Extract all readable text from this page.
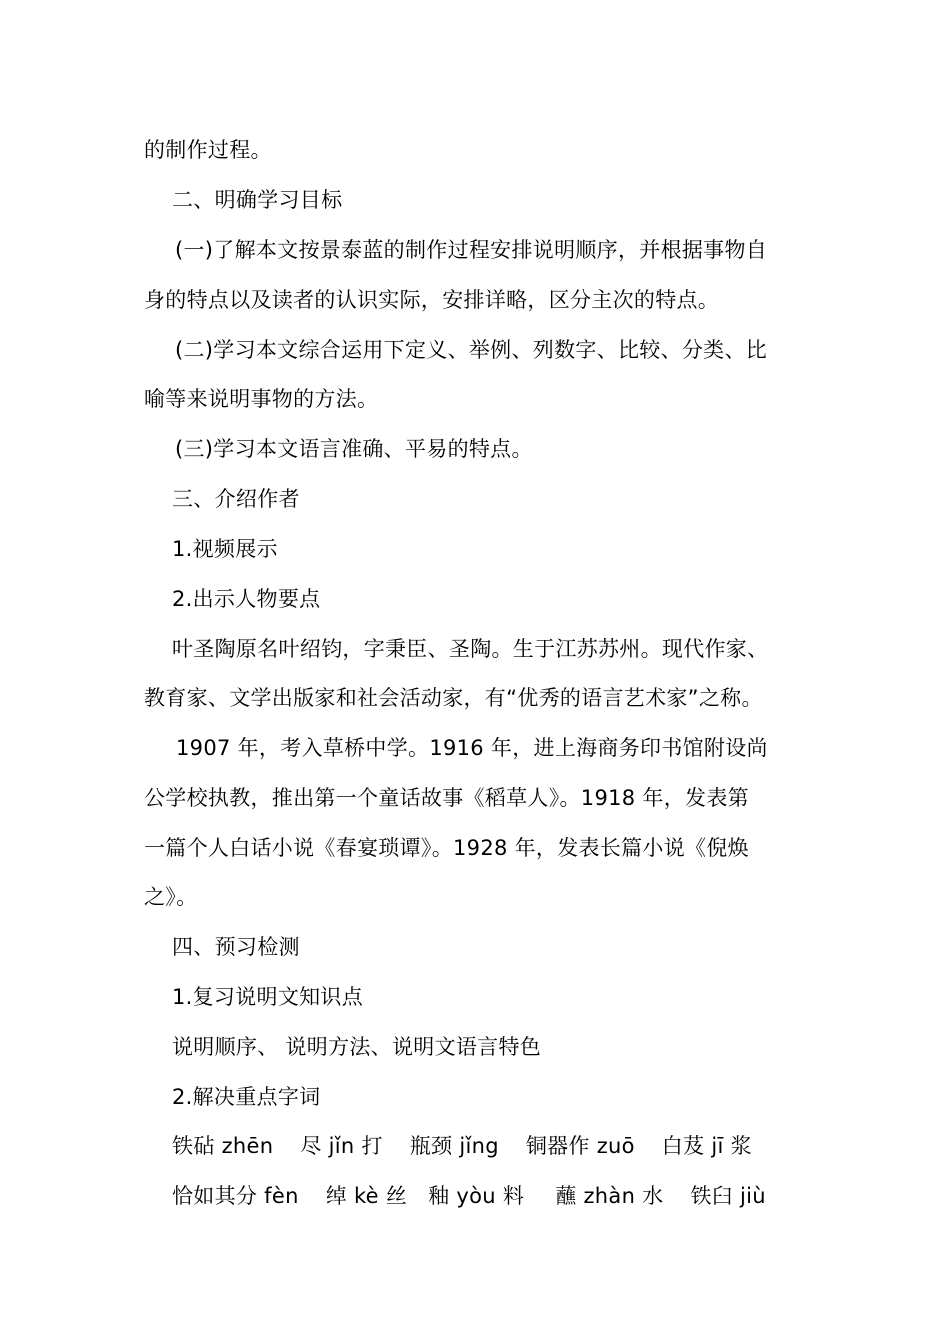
的制作过程。
二、明确学习目标
(一)了解本文按景泰蓝的制作过程安排说明顺序，并根据事物自
身的特点以及读者的认识实际，安排详略，区分主次的特点。
(二)学习本文综合运用下定义、举例、列数字、比较、分类、比
喻等来说明事物的方法。
(三)学习本文语言准确、平易的特点。
三、介绍作者
1.视频展示
2.出示人物要点
叶圣陶原名叶绍钧，字秉臣、圣陶。生于江苏苏州。现代作家、
教育家、文学出版家和社会活动家，有“优秀的语言艺术家”之称。
1907 年，考入草桥中学。1916 年，进上海商务印书馆附设尚
公学校执教，推出第一个童话故事《稻草人》。1918 年，发表第
一篇个人白话小说《春宴琐谭》。1928 年，发表长篇小说《倪焕
之》。
四、预习检测
1.复习说明文知识点
说明顺序、 说明方法、说明文语言特色
2.解决重点字词
铁砧 zhēn 尽 jǐn 打 瓶颈 jǐng 铜器作 zuō 白芨 jī 浆
恰如其分 fèn 绰 kè 丝 釉 yòu 料 蘸 zhàn 水 铁臼 jiù
